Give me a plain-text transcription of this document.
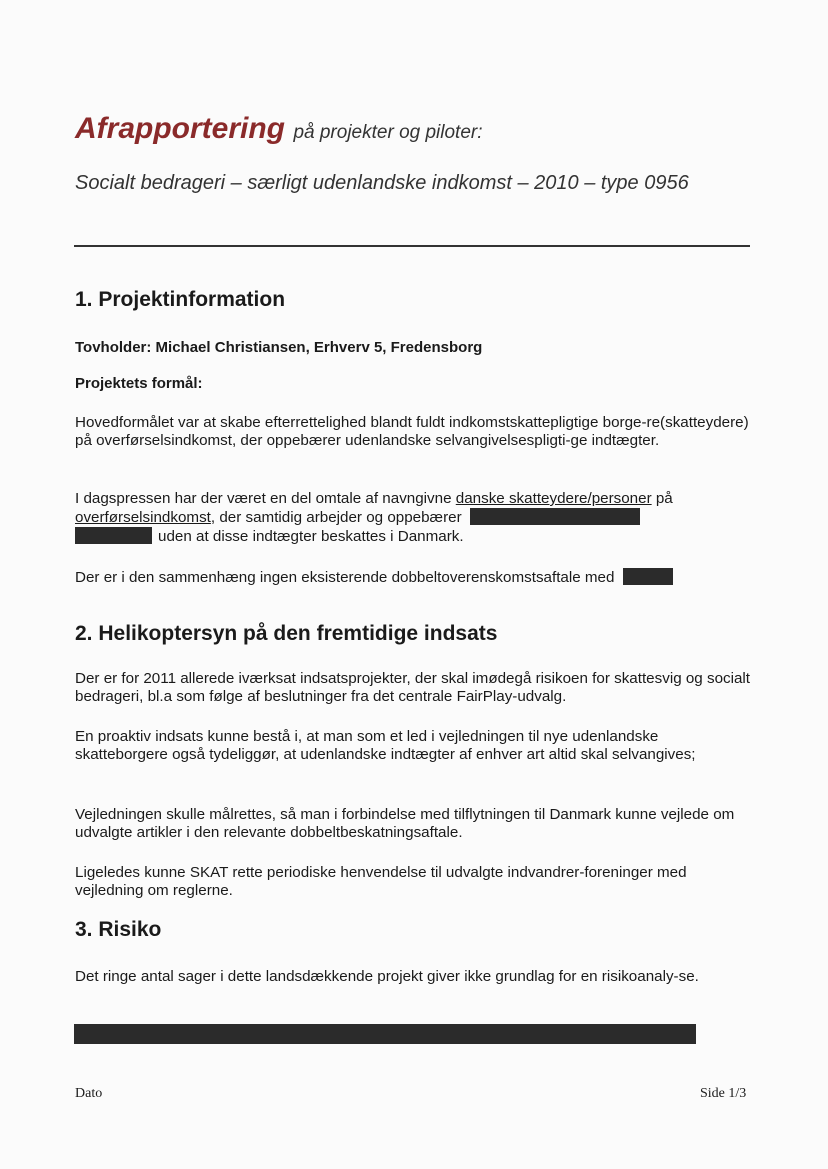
Afrapportering på projekter og piloter:
Socialt bedrageri – særligt udenlandske indkomst – 2010 – type 0956
1. Projektinformation
Tovholder: Michael Christiansen, Erhverv 5, Fredensborg
Projektets formål:

Hovedformålet var at skabe efterrettelighed blandt fuldt indkomstskattepligtige borge-re(skatteydere) på overførselsindkomst, der oppebærer udenlandske selvangivelsespligti-ge indtægter.

I dagspressen har der været en del omtale af navngivne danske skatteydere/personer på
overførselsindkomst, der samtidig arbejder og oppebærer
uden at disse indtægter beskattes i Danmark.

Der er i den sammenhæng ingen eksisterende dobbeltoverenskomstsaftale med

2. Helikoptersyn på den fremtidige indsats

Der er for 2011 allerede iværksat indsatsprojekter, der skal imødegå risikoen for skattesvig og socialt bedrageri, bl.a som følge af beslutninger fra det centrale FairPlay-udvalg.

En proaktiv indsats kunne bestå i, at man som et led i vejledningen til nye udenlandske skatteborgere også tydeliggør, at udenlandske indtægter af enhver art altid skal selvangives;

Vejledningen skulle målrettes, så man i forbindelse med tilflytningen til Danmark kunne vejlede om udvalgte artikler i den relevante dobbeltbeskatningsaftale.

Ligeledes kunne SKAT rette periodiske henvendelse til udvalgte indvandrer-foreninger med vejledning om reglerne.

3. Risiko

Det ringe antal sager i dette landsdækkende projekt giver ikke grundlag for en risikoanaly-se.

Dato	Side 1/3
